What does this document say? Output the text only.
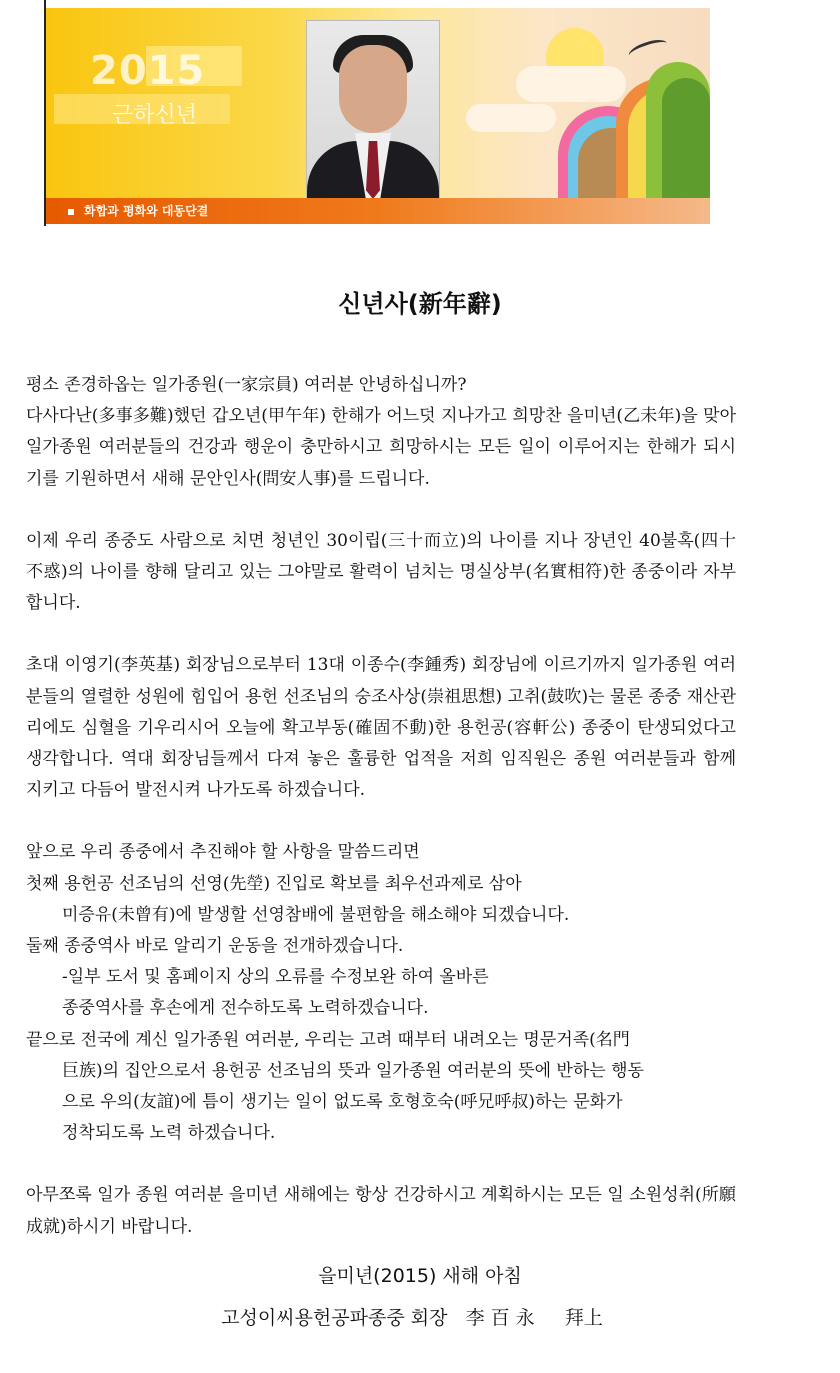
2015
근하신년
화합과 평화와 대동단결
신년사(新年辭)

평소 존경하옵는 일가종원(一家宗員) 여러분 안녕하십니까?

다사다난(多事多難)했던 갑오년(甲午年) 한해가 어느덧 지나가고 희망찬 을미년(乙未年)을 맞아 일가종원 여러분들의 건강과 행운이 충만하시고 희망하시는 모든 일이 이루어지는 한해가 되시기를 기원하면서 새해 문안인사(問安人事)를 드립니다.

이제 우리 종중도 사람으로 치면 청년인 30이립(三十而立)의 나이를 지나 장년인 40불혹(四十不惑)의 나이를 향해 달리고 있는 그야말로 활력이 넘치는 명실상부(名實相符)한 종중이라 자부합니다.

초대 이영기(李英基) 회장님으로부터 13대 이종수(李鍾秀) 회장님에 이르기까지 일가종원 여러분들의 열렬한 성원에 힘입어 용헌 선조님의 숭조사상(崇祖思想) 고취(鼓吹)는 물론 종중 재산관리에도 심혈을 기우리시어 오늘에 확고부동(確固不動)한 용헌공(容軒公) 종중이 탄생되었다고 생각합니다. 역대 회장님들께서 다져 놓은 훌륭한 업적을 저희 임직원은 종원 여러분들과 함께 지키고 다듬어 발전시켜 나가도록 하겠습니다.

앞으로 우리 종중에서 추진해야 할 사항을 말씀드리면

첫째 용헌공 선조님의 선영(先塋) 진입로 확보를 최우선과제로 삼아

미증유(未曾有)에 발생할 선영참배에 불편함을 해소해야 되겠습니다.

둘째 종중역사 바로 알리기 운동을 전개하겠습니다.

-일부 도서 및 홈페이지 상의 오류를 수정보완 하여 올바른

종중역사를 후손에게 전수하도록 노력하겠습니다.

끝으로 전국에 계신 일가종원 여러분, 우리는 고려 때부터 내려오는 명문거족(名門

巨族)의 집안으로서 용헌공 선조님의 뜻과 일가종원 여러분의 뜻에 반하는 행동

으로 우의(友誼)에 틈이 생기는 일이 없도록 호형호숙(呼兄呼叔)하는 문화가

정착되도록 노력 하겠습니다.

아무쪼록 일가 종원 여러분 을미년 새해에는 항상 건강하시고 계획하시는 모든 일 소원성취(所願成就)하시기 바랍니다.

을미년(2015) 새해 아침
고성이씨용헌공파종중 회장   李 百 永     拜上
